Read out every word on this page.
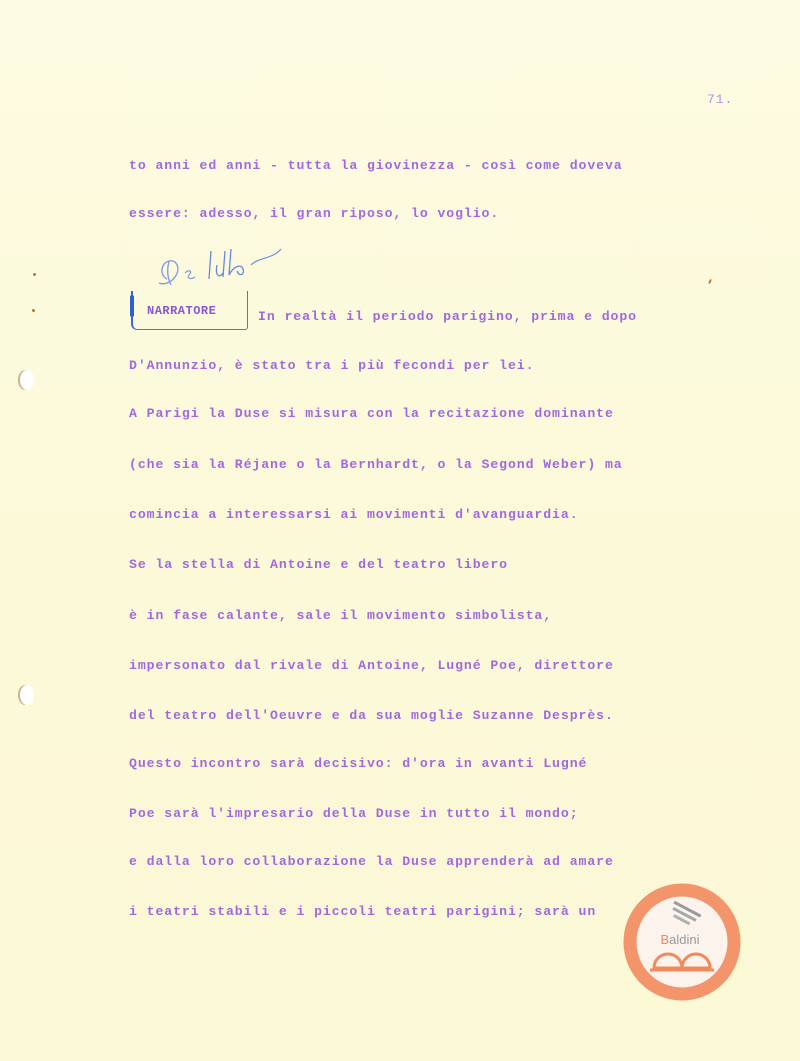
71.
to anni ed anni - tutta la giovinezza - così come doveva
essere: adesso, il gran riposo, lo voglio.
NARRATORE	In realtà il periodo parigino, prima e dopo
D'Annunzio, è stato tra i più fecondi per lei.
A Parigi la Duse si misura con la recitazione dominante
(che sia la Réjane o la Bernhardt, o la Segond Weber) ma
comincia a interessarsi ai movimenti d'avanguardia.
Se la stella di Antoine e del teatro libero
è in fase calante, sale il movimento simbolista,
impersonato dal rivale di Antoine, Lugné Poe, direttore
del teatro dell'Oeuvre e da sua moglie Suzanne Desprès.
Questo incontro sarà decisivo: d'ora in avanti Lugné
Poe sarà l'impresario della Duse in tutto il mondo;
e dalla loro collaborazione la Duse apprenderà ad amare
i teatri stabili e i piccoli teatri parigini; sarà un
Baldini
